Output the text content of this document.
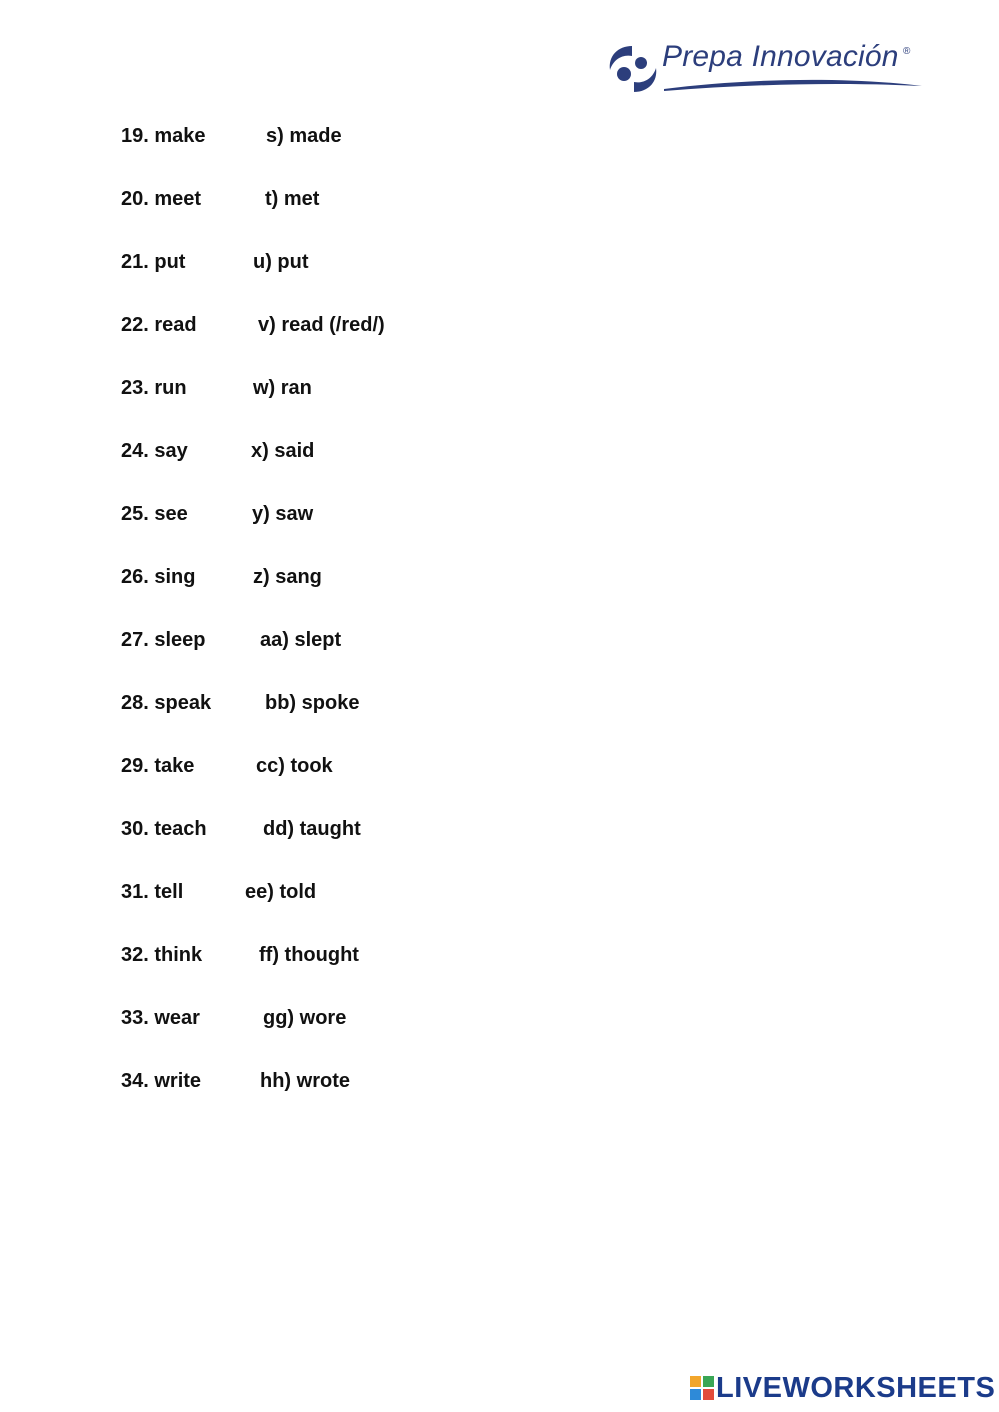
Prepa Innovación ®
19. make	s) made
20. meet	t) met
21. put	u) put
22. read	v) read (/red/)
23. run	w) ran
24. say	x) said
25. see	y) saw
26. sing	z) sang
27. sleep	aa) slept
28. speak	bb) spoke
29. take	cc) took
30. teach	dd) taught
31. tell	ee) told
32. think	ff) thought
33. wear	gg) wore
34. write	hh) wrote
LIVEWORKSHEETS
